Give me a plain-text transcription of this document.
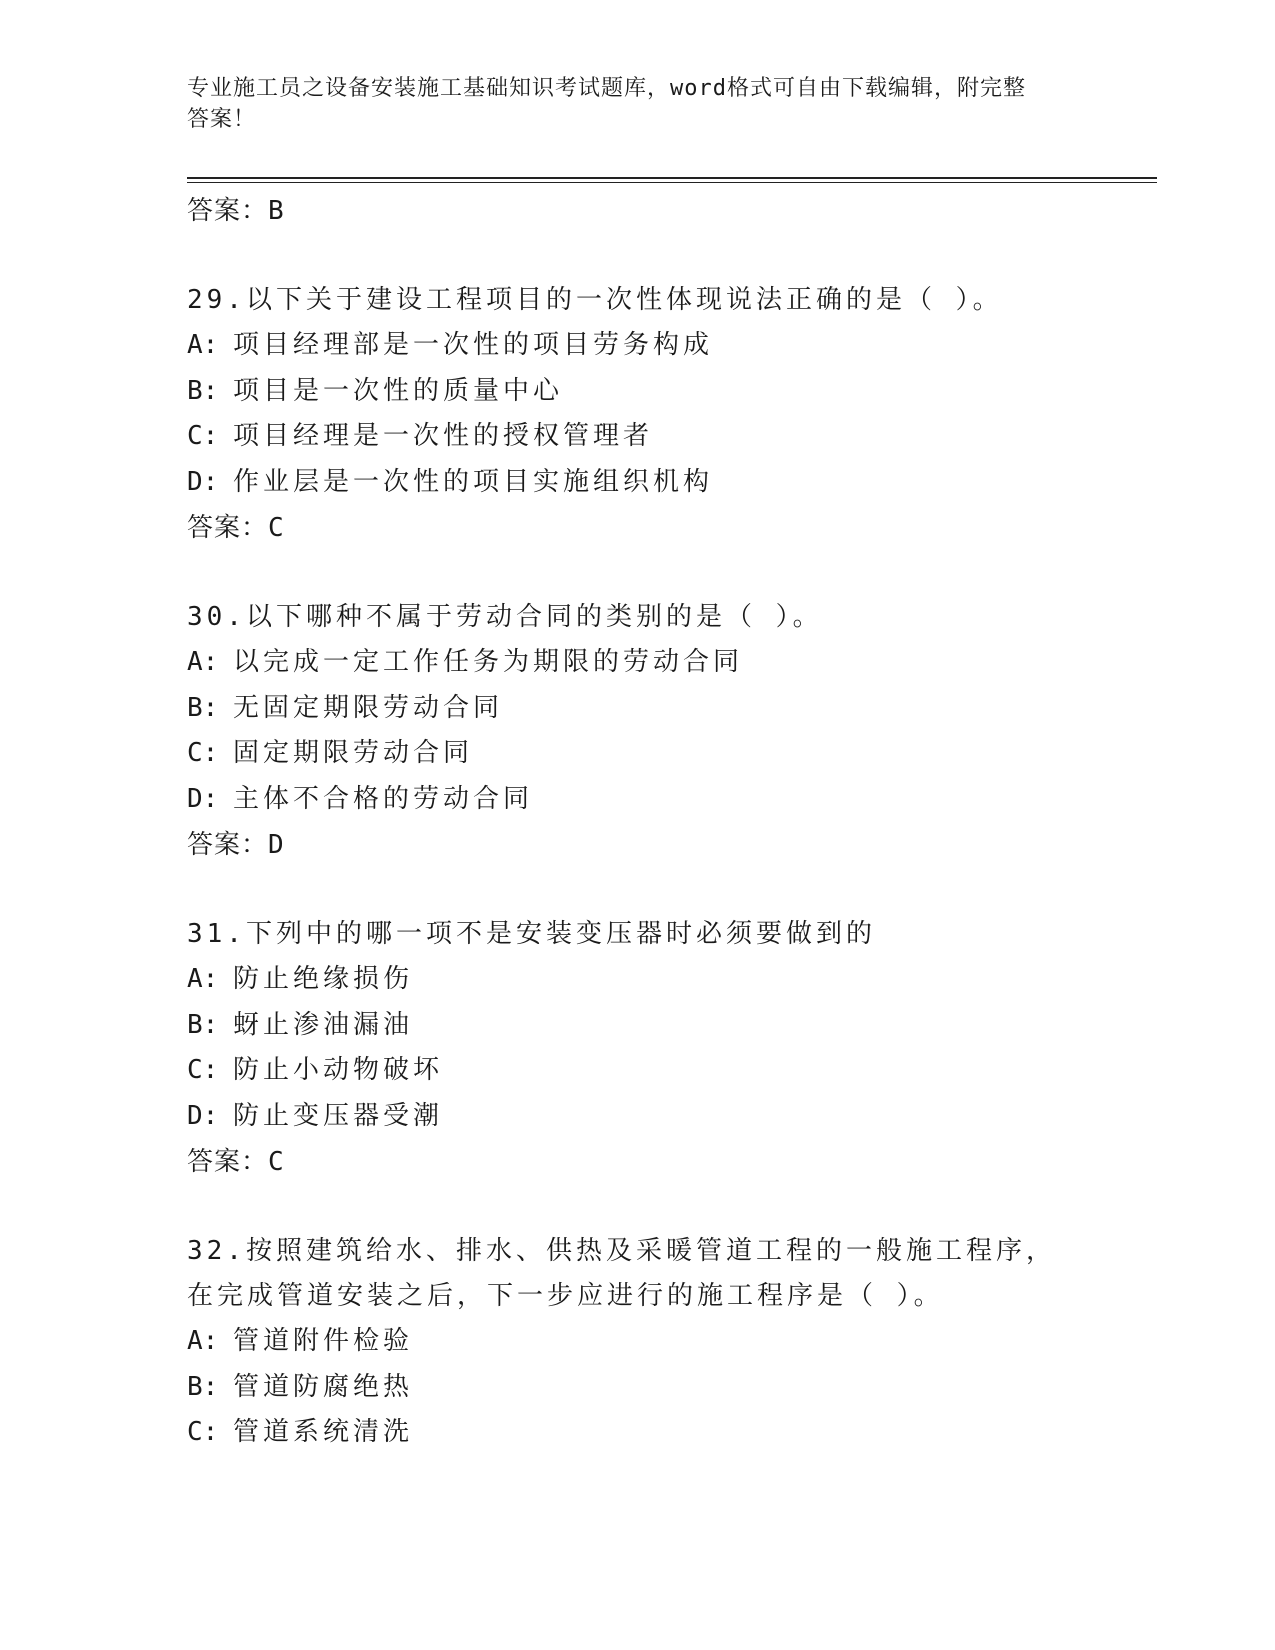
专业施工员之设备安装施工基础知识考试题库，word格式可自由下载编辑，附完整答案！
答案：B
29.以下关于建设工程项目的一次性体现说法正确的是（ ）。
A: 项目经理部是一次性的项目劳务构成
B: 项目是一次性的质量中心
C: 项目经理是一次性的授权管理者
D: 作业层是一次性的项目实施组织机构
答案：C
30.以下哪种不属于劳动合同的类别的是（ ）。
A: 以完成一定工作任务为期限的劳动合同
B: 无固定期限劳动合同
C: 固定期限劳动合同
D: 主体不合格的劳动合同
答案：D
31.下列中的哪一项不是安装变压器时必须要做到的
A: 防止绝缘损伤
B: 蚜止渗油漏油
C: 防止小动物破坏
D: 防止变压器受潮
答案：C
32.按照建筑给水、排水、供热及采暖管道工程的一般施工程序，在完成管道安装之后，下一步应进行的施工程序是（ ）。
A: 管道附件检验
B: 管道防腐绝热
C: 管道系统清洗
